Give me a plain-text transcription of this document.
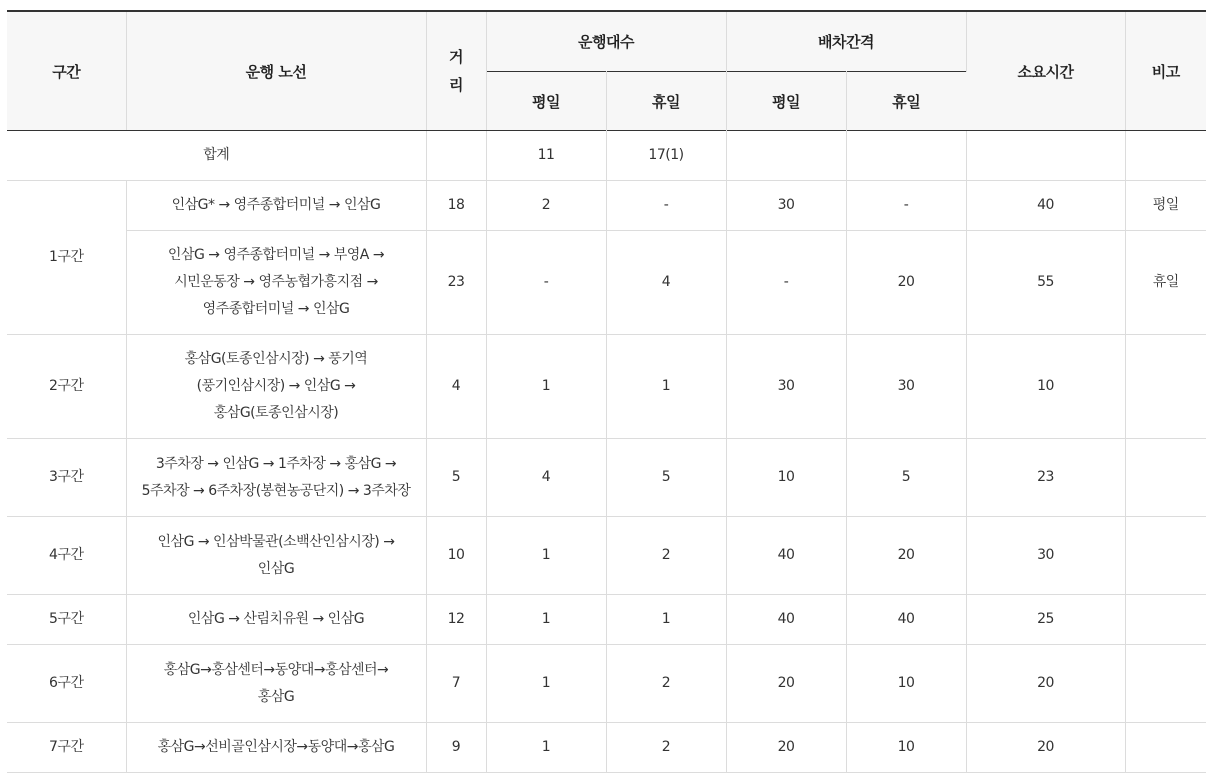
구간	운행 노선	거
리	운행대수		배차간격		소요시간	비고
			평일	휴일	평일	휴일		
합계			11	17(1)				
1구간	인삼G* → 영주종합터미널 → 인삼G	18	2	-	30	-	40	평일
	인삼G → 영주종합터미널 → 부영A →
시민운동장 → 영주농협가흥지점 →
영주종합터미널 → 인삼G	23	-	4	-	20	55	휴일
2구간	홍삼G(토종인삼시장) → 풍기역
(풍기인삼시장) → 인삼G →
홍삼G(토종인삼시장)	4	1	1	30	30	10	
3구간	3주차장 → 인삼G → 1주차장 → 홍삼G →
5주차장 → 6주차장(봉현농공단지) → 3주차장	5	4	5	10	5	23	
4구간	인삼G → 인삼박물관(소백산인삼시장) →
인삼G	10	1	2	40	20	30	
5구간	인삼G → 산림치유원 → 인삼G	12	1	1	40	40	25	
6구간	홍삼G→홍삼센터→동양대→홍삼센터→
홍삼G	7	1	2	20	10	20	
7구간	홍삼G→선비골인삼시장→동양대→홍삼G	9	1	2	20	10	20	
